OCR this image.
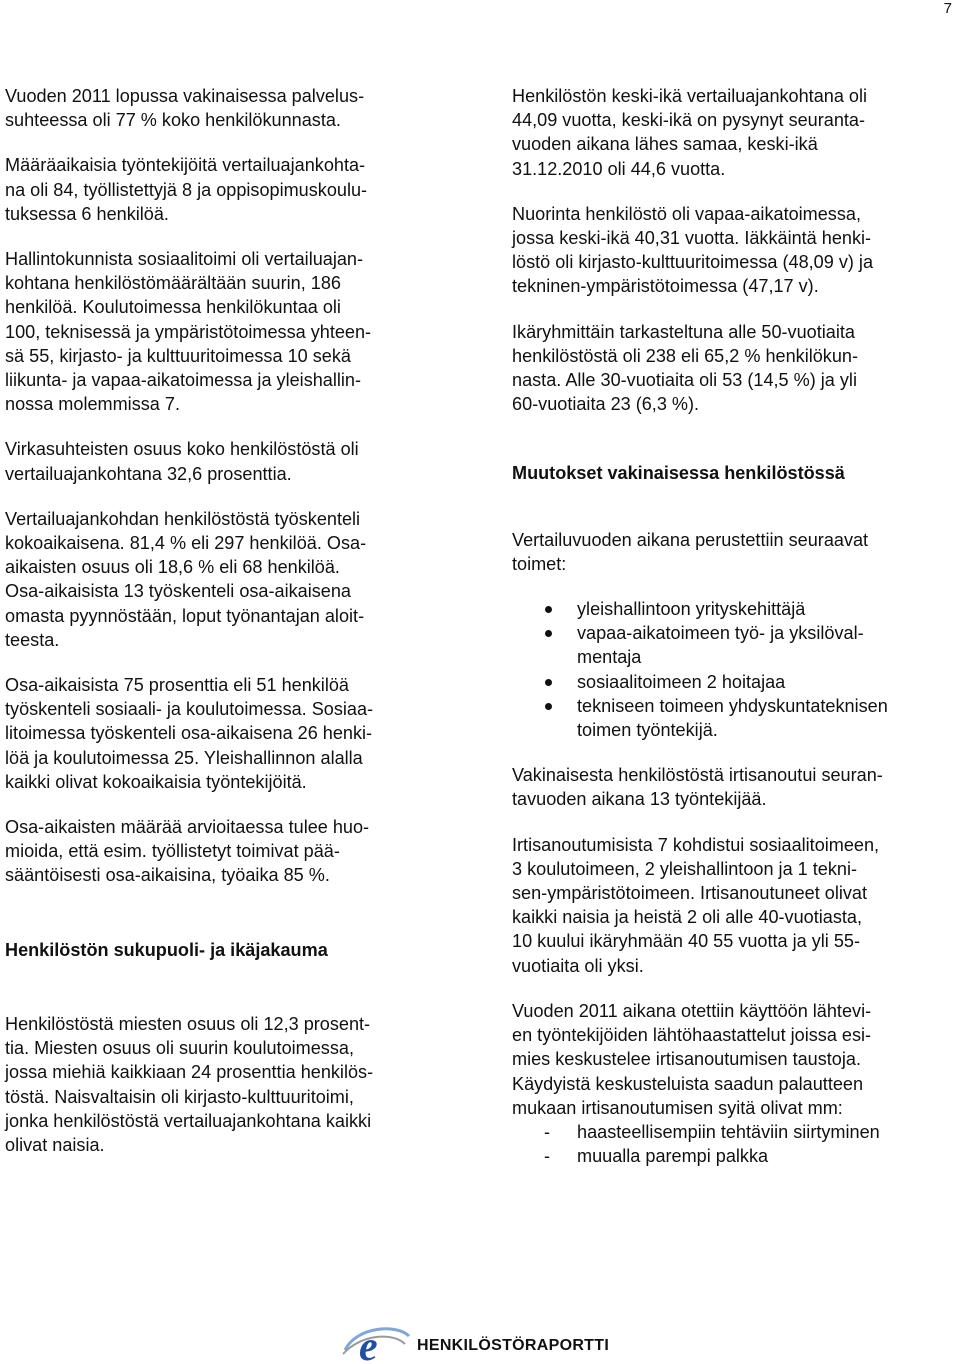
7

Vuoden 2011 lopussa vakinaisessa palvelus-
suhteessa oli 77 % koko henkilökunnasta.

Määräaikaisia työntekijöitä vertailuajankohta-
na oli 84, työllistettyjä 8 ja oppisopimuskoulu-
tuksessa 6 henkilöä.

Hallintokunnista sosiaalitoimi oli vertailuajan-
kohtana henkilöstömäärältään suurin, 186
henkilöä. Koulutoimessa henkilökuntaa oli
100, teknisessä ja ympäristötoimessa yhteen-
sä 55, kirjasto- ja kulttuuritoimessa 10 sekä
liikunta- ja vapaa-aikatoimessa ja yleishallin-
nossa molemmissa 7.

Virkasuhteisten osuus koko henkilöstöstä oli
vertailuajankohtana 32,6 prosenttia.

Vertailuajankohdan henkilöstöstä työskenteli
kokoaikaisena. 81,4 % eli 297 henkilöä. Osa-
aikaisten osuus oli 18,6 % eli 68 henkilöä.
Osa-aikaisista 13 työskenteli osa-aikaisena
omasta pyynnöstään, loput työnantajan aloit-
teesta.

Osa-aikaisista 75 prosenttia eli 51 henkilöä
työskenteli sosiaali- ja koulutoimessa. Sosiaa-
litoimessa työskenteli osa-aikaisena 26 henki-
löä ja koulutoimessa 25. Yleishallinnon alalla
kaikki olivat kokoaikaisia työntekijöitä.

Osa-aikaisten määrää arvioitaessa tulee huo-
mioida, että esim. työllistetyt toimivat pää-
sääntöisesti osa-aikaisina, työaika 85 %.

Henkilöstön sukupuoli- ja ikäjakauma

Henkilöstöstä miesten osuus oli 12,3 prosent-
tia. Miesten osuus oli suurin koulutoimessa,
jossa miehiä kaikkiaan 24 prosenttia henkilös-
töstä. Naisvaltaisin oli kirjasto-kulttuuritoimi,
jonka henkilöstöstä vertailuajankohtana kaikki
olivat naisia.

Henkilöstön keski-ikä vertailuajankohtana oli
44,09 vuotta, keski-ikä on pysynyt seuranta-
vuoden aikana lähes samaa, keski-ikä
31.12.2010 oli 44,6 vuotta.

Nuorinta henkilöstö oli vapaa-aikatoimessa,
jossa keski-ikä 40,31 vuotta. Iäkkäintä henki-
löstö oli kirjasto-kulttuuritoimessa (48,09 v) ja
tekninen-ympäristötoimessa (47,17 v).

Ikäryhmittäin tarkasteltuna alle 50-vuotiaita
henkilöstöstä oli 238 eli 65,2 % henkilökun-
nasta. Alle 30-vuotiaita oli 53 (14,5 %) ja yli
60-vuotiaita 23 (6,3 %).

Muutokset vakinaisessa henkilöstössä

Vertailuvuoden aikana perustettiin seuraavat
toimet:

yleishallintoon yrityskehittäjä
vapaa-aikatoimeen työ- ja yksilöval-
mentaja
sosiaalitoimeen 2 hoitajaa
tekniseen toimeen yhdyskuntateknisen
toimen työntekijä.

Vakinaisesta henkilöstöstä irtisanoutui seuran-
tavuoden aikana 13 työntekijää.

Irtisanoutumisista 7 kohdistui sosiaalitoimeen,
3 koulutoimeen, 2 yleishallintoon ja 1 tekni-
sen-ympäristötoimeen. Irtisanoutuneet olivat
kaikki naisia ja heistä 2 oli alle 40-vuotiasta,
10 kuului ikäryhmään 40 55 vuotta ja yli 55-
vuotiaita oli yksi.

Vuoden 2011 aikana otettiin käyttöön lähtevi-
en työntekijöiden lähtöhaastattelut joissa esi-
mies keskustelee irtisanoutumisen taustoja.
Käydyistä keskusteluista saadun palautteen
mukaan irtisanoutumisen syitä olivat mm:

- haasteellisempiin tehtäviin siirtyminen
- muualla parempi palkka
e HENKILÖSTÖRAPORTTI
